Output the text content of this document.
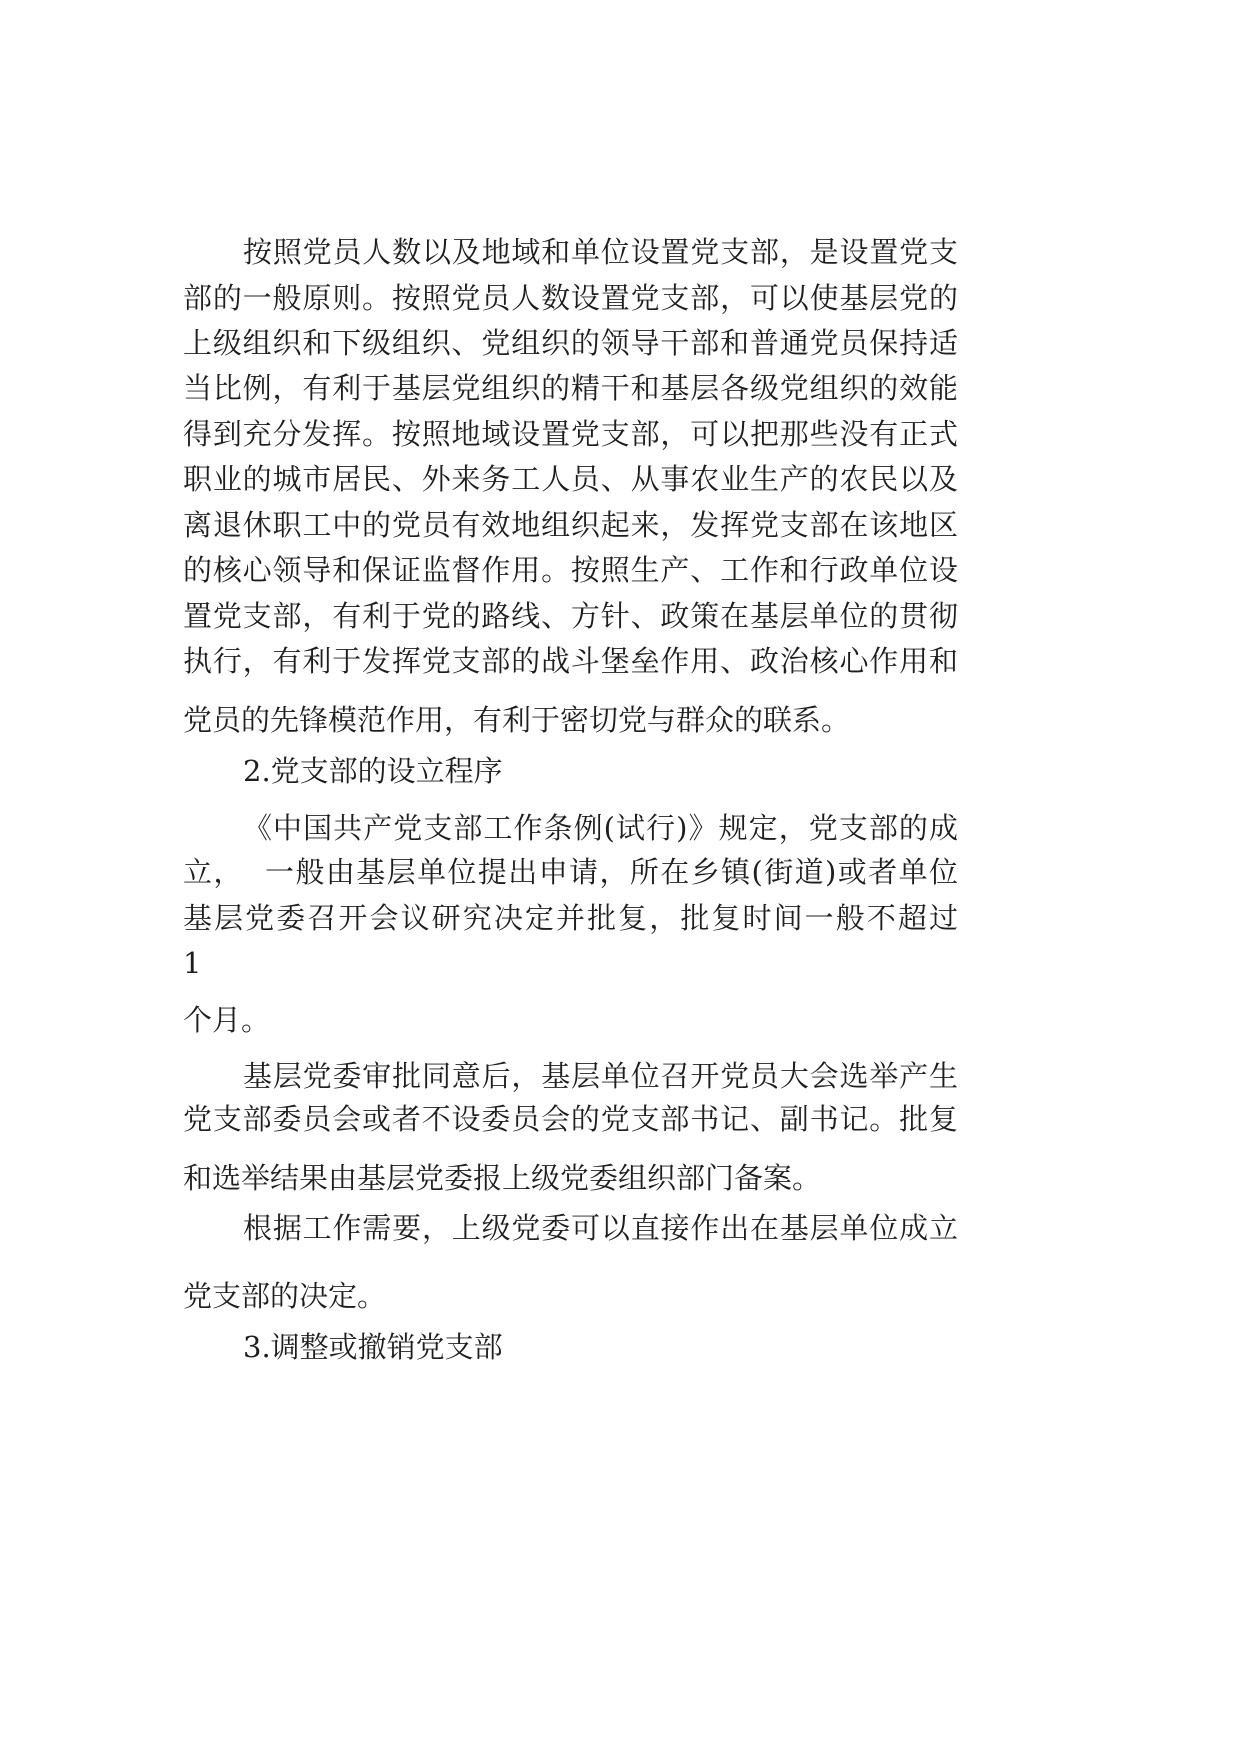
按照党员人数以及地域和单位设置党支部，是设置党支
部的一般原则。按照党员人数设置党支部，可以使基层党的
上级组织和下级组织、党组织的领导干部和普通党员保持适
当比例，有利于基层党组织的精干和基层各级党组织的效能
得到充分发挥。按照地域设置党支部，可以把那些没有正式
职业的城市居民、外来务工人员、从事农业生产的农民以及
离退休职工中的党员有效地组织起来，发挥党支部在该地区
的核心领导和保证监督作用。按照生产、工作和行政单位设
置党支部，有利于党的路线、方针、政策在基层单位的贯彻
执行，有利于发挥党支部的战斗堡垒作用、政治核心作用和
党员的先锋模范作用，有利于密切党与群众的联系。
2.党支部的设立程序
《中国共产党支部工作条例(试行)》规定，党支部的成
立，  一般由基层单位提出申请，所在乡镇(街道)或者单位
基层党委召开会议研究决定并批复，批复时间一般不超过
1
个月。
基层党委审批同意后，基层单位召开党员大会选举产生
党支部委员会或者不设委员会的党支部书记、副书记。批复
和选举结果由基层党委报上级党委组织部门备案。
根据工作需要，上级党委可以直接作出在基层单位成立
党支部的决定。
3.调整或撤销党支部
